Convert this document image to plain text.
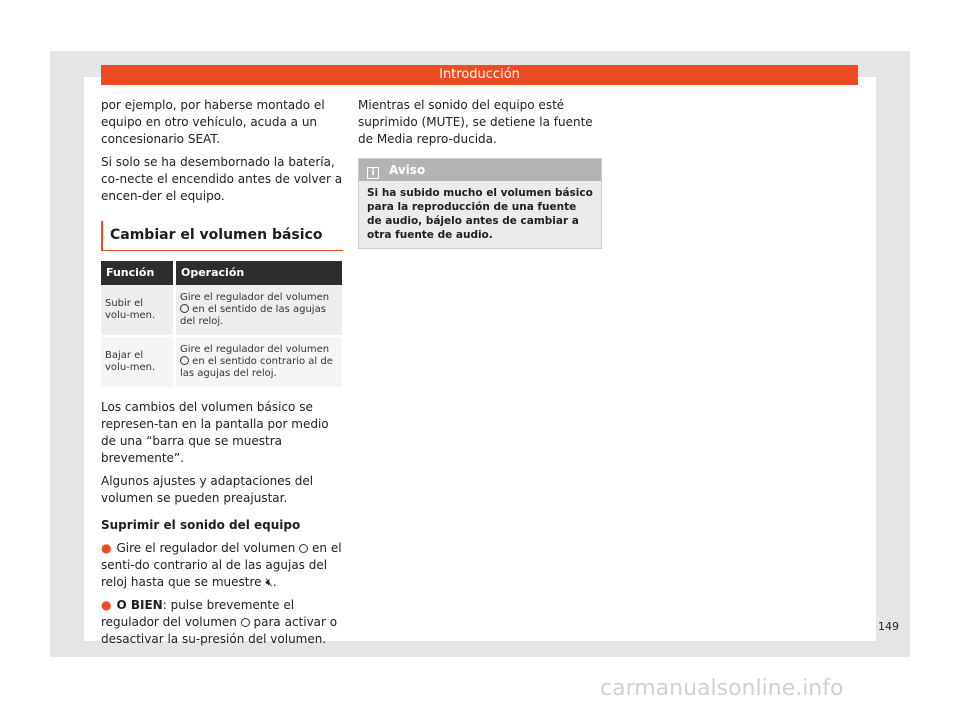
Introducción

por ejemplo, por haberse montado el equipo en otro vehículo, acuda a un concesionario SEAT.

Si solo se ha desembornado la batería, co-necte el encendido antes de volver a encen-der el equipo.

Cambiar el volumen básico
Función	Operación
Subir el volu-men.	Gire el regulador del volumen  en el sentido de las agujas del reloj.
Bajar el volu-men.	Gire el regulador del volumen  en el sentido contrario al de las agujas del reloj.

Los cambios del volumen básico se represen-tan en la pantalla por medio de una “barra que se muestra brevemente”.

Algunos ajustes y adaptaciones del volumen se pueden preajustar.

Suprimir el sonido del equipo

● Gire el regulador del volumen  en el senti-do contrario al de las agujas del reloj hasta que se muestre 🔇︎.

● O BIEN: pulse brevemente el regulador del volumen  para activar o desactivar la su-presión del volumen.

Mientras el sonido del equipo esté suprimido (MUTE), se detiene la fuente de Media repro-ducida.

i Aviso
Si ha subido mucho el volumen básico para la reproducción de una fuente de audio, bájelo antes de cambiar a otra fuente de audio.
149
carmanualsonline.info
